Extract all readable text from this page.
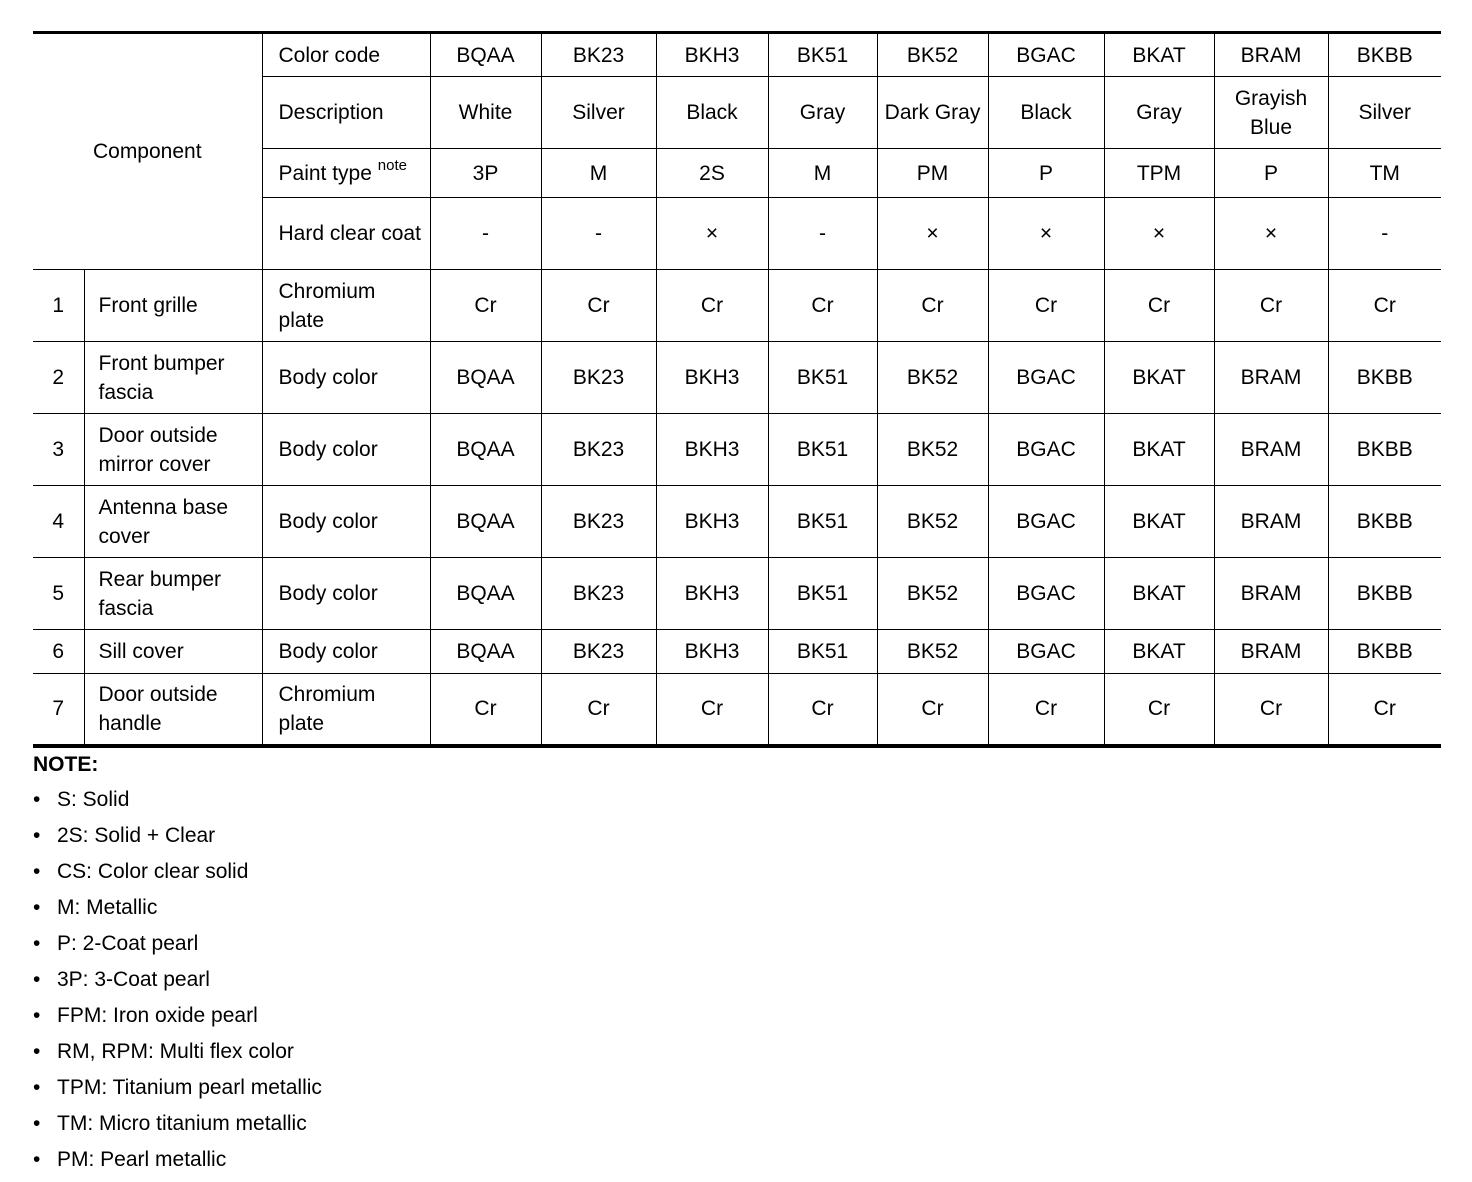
Component		Color code	BQAA	BK23	BKH3	BK51	BK52	BGAC	BKAT	BRAM	BKBB
		Description	White	Silver	Black	Gray	Dark Gray	Black	Gray	Grayish Blue	Silver
		Paint type $^{note}$	3P	M	2S	M	PM	P	TPM	P	TM
		Hard clear coat	-	-	×	-	×	×	×	×	-
1	Front grille	Chromium plate	Cr	Cr	Cr	Cr	Cr	Cr	Cr	Cr	Cr
2	Front bumper fascia	Body color	BQAA	BK23	BKH3	BK51	BK52	BGAC	BKAT	BRAM	BKBB
3	Door outside mirror cover	Body color	BQAA	BK23	BKH3	BK51	BK52	BGAC	BKAT	BRAM	BKBB
4	Antenna base cover	Body color	BQAA	BK23	BKH3	BK51	BK52	BGAC	BKAT	BRAM	BKBB
5	Rear bumper fascia	Body color	BQAA	BK23	BKH3	BK51	BK52	BGAC	BKAT	BRAM	BKBB
6	Sill cover	Body color	BQAA	BK23	BKH3	BK51	BK52	BGAC	BKAT	BRAM	BKBB
7	Door outside handle	Chromium plate	Cr	Cr	Cr	Cr	Cr	Cr	Cr	Cr	Cr
NOTE:
• S: Solid
• 2S: Solid + Clear
• CS: Color clear solid
• M: Metallic
• P: 2-Coat pearl
• 3P: 3-Coat pearl
• FPM: Iron oxide pearl
• RM, RPM: Multi flex color
• TPM: Titanium pearl metallic
• TM: Micro titanium metallic
• PM: Pearl metallic
